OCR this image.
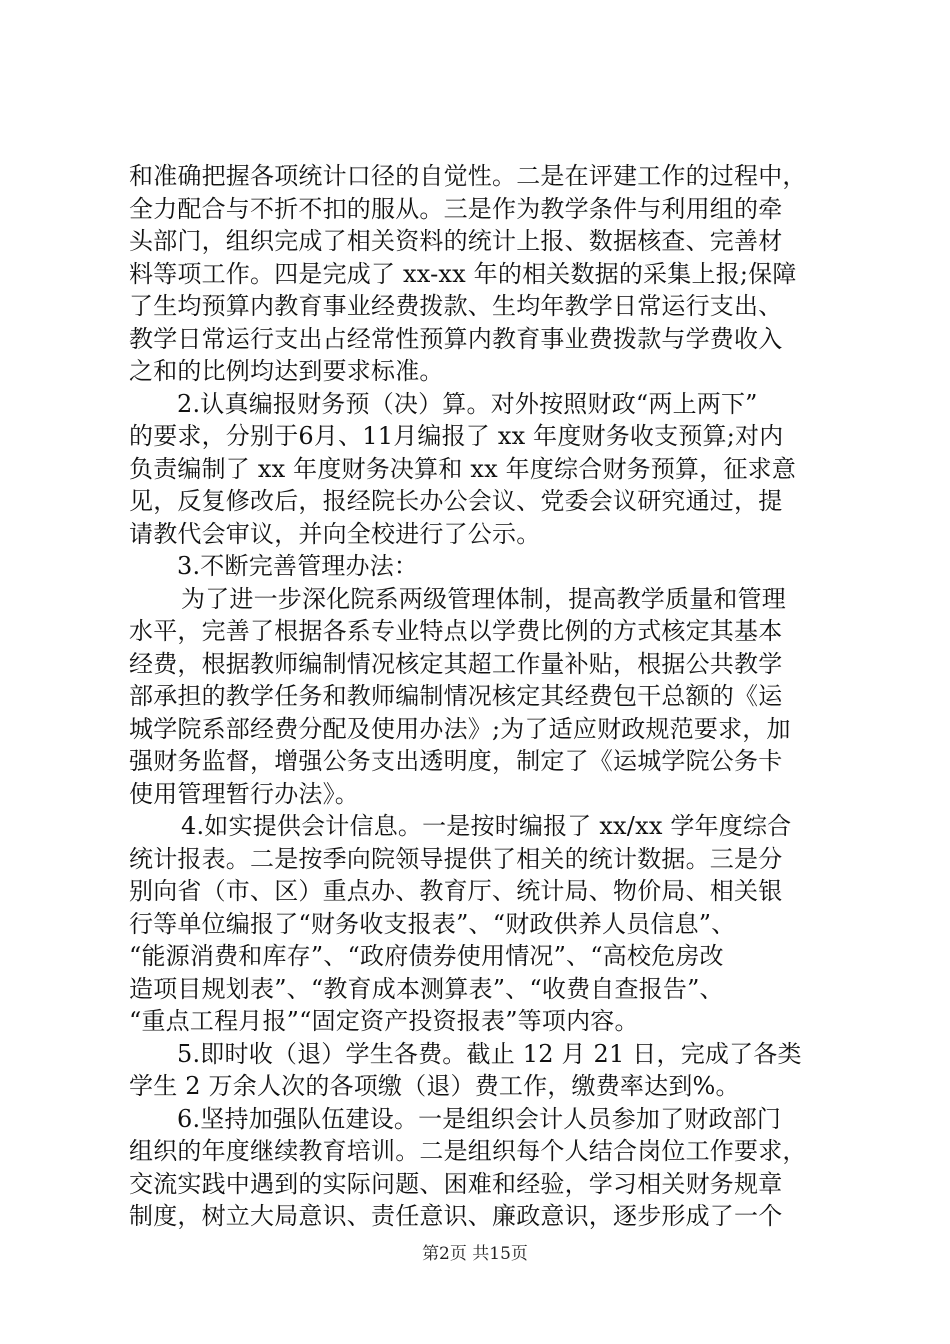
和准确把握各项统计口径的自觉性。二是在评建工作的过程中，
全力配合与不折不扣的服从。三是作为教学条件与利用组的牵
头部门，组织完成了相关资料的统计上报、数据核查、完善材
料等项工作。四是完成了 xx-xx 年的相关数据的采集上报;保障
了生均预算内教育事业经费拨款、生均年教学日常运行支出、
教学日常运行支出占经常性预算内教育事业费拨款与学费收入
之和的比例均达到要求标准。
2.认真编报财务预（决）算。对外按照财政“两上两下”
的要求，分别于6月、11月编报了 xx 年度财务收支预算;对内
负责编制了 xx 年度财务决算和 xx 年度综合财务预算，征求意
见，反复修改后，报经院长办公会议、党委会议研究通过，提
请教代会审议，并向全校进行了公示。
3.不断完善管理办法：
为了进一步深化院系两级管理体制，提高教学质量和管理
水平，完善了根据各系专业特点以学费比例的方式核定其基本
经费，根据教师编制情况核定其超工作量补贴，根据公共教学
部承担的教学任务和教师编制情况核定其经费包干总额的《运
城学院系部经费分配及使用办法》;为了适应财政规范要求，加
强财务监督，增强公务支出透明度，制定了《运城学院公务卡
使用管理暂行办法》。
4.如实提供会计信息。一是按时编报了 xx/xx 学年度综合
统计报表。二是按季向院领导提供了相关的统计数据。三是分
别向省（市、区）重点办、教育厅、统计局、物价局、相关银
行等单位编报了“财务收支报表”、“财政供养人员信息”、
“能源消费和库存”、“政府债券使用情况”、“高校危房改
造项目规划表”、“教育成本测算表”、“收费自查报告”、
“重点工程月报”“固定资产投资报表”等项内容。
5.即时收（退）学生各费。截止 12 月 21 日，完成了各类
学生 2 万余人次的各项缴（退）费工作，缴费率达到%。
6.坚持加强队伍建设。一是组织会计人员参加了财政部门
组织的年度继续教育培训。二是组织每个人结合岗位工作要求，
交流实践中遇到的实际问题、困难和经验，学习相关财务规章
制度，树立大局意识、责任意识、廉政意识，逐步形成了一个
第2页 共15页
